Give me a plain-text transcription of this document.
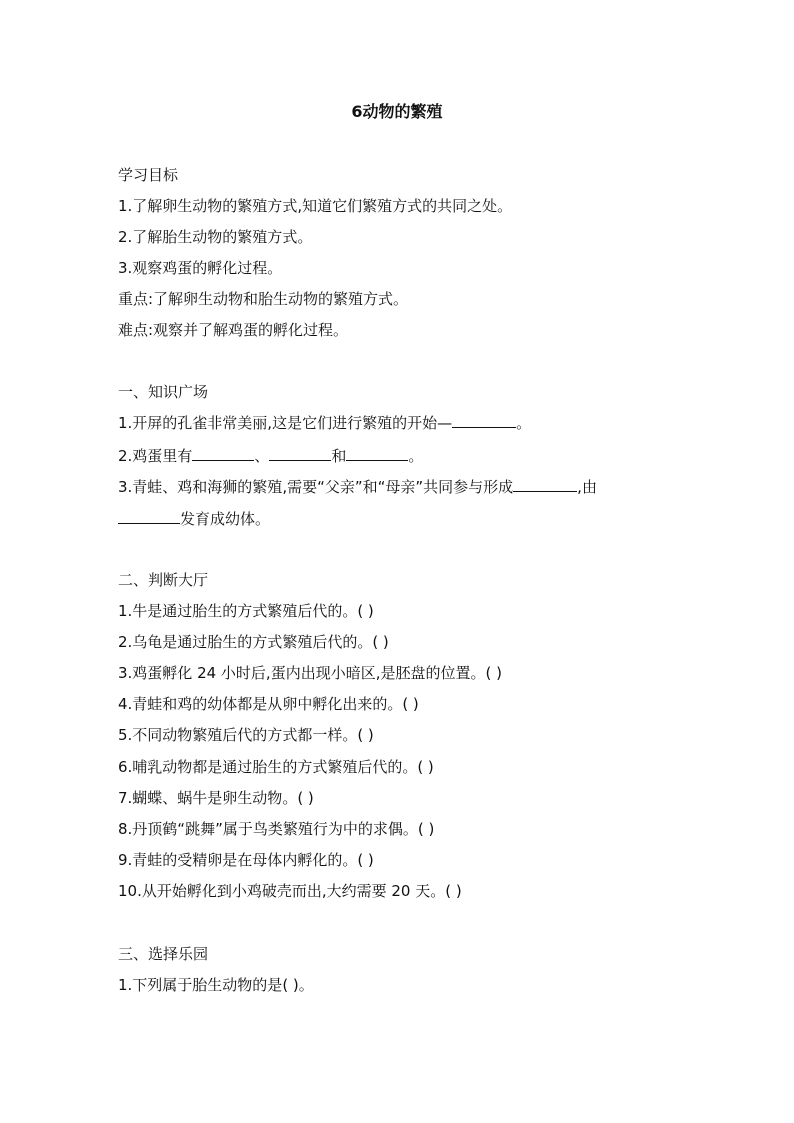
6动物的繁殖
学习目标
1.了解卵生动物的繁殖方式,知道它们繁殖方式的共同之处。
2.了解胎生动物的繁殖方式。
3.观察鸡蛋的孵化过程。
重点:了解卵生动物和胎生动物的繁殖方式。
难点:观察并了解鸡蛋的孵化过程。
一、知识广场
1.开屏的孔雀非常美丽,这是它们进行繁殖的开始—	。
2.鸡蛋里有	、	和	。
3.青蛙、鸡和海狮的繁殖,需要“父亲”和“母亲”共同参与形成	,由
发育成幼体。
二、判断大厅
1.牛是通过胎生的方式繁殖后代的。( )
2.乌龟是通过胎生的方式繁殖后代的。( )
3.鸡蛋孵化 24 小时后,蛋内出现小暗区,是胚盘的位置。( )
4.青蛙和鸡的幼体都是从卵中孵化出来的。( )
5.不同动物繁殖后代的方式都一样。( )
6.哺乳动物都是通过胎生的方式繁殖后代的。( )
7.蝴蝶、蜗牛是卵生动物。( )
8.丹顶鹤“跳舞”属于鸟类繁殖行为中的求偶。( )
9.青蛙的受精卵是在母体内孵化的。( )
10.从开始孵化到小鸡破壳而出,大约需要 20 天。( )
三、选择乐园
1.下列属于胎生动物的是( )。
